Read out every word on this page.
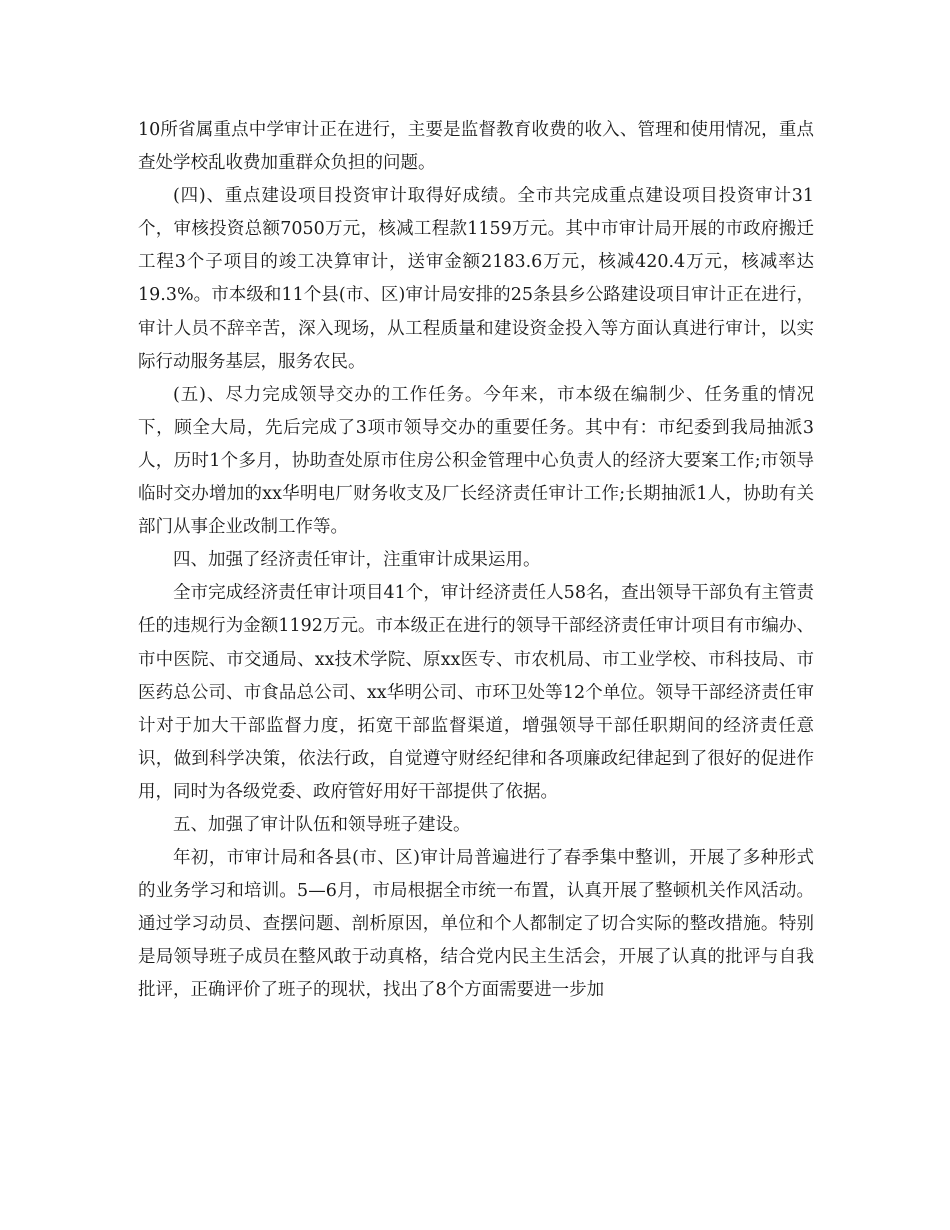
10所省属重点中学审计正在进行，主要是监督教育收费的收入、管理和使用情况，重点查处学校乱收费加重群众负担的问题。

(四)、重点建设项目投资审计取得好成绩。全市共完成重点建设项目投资审计31个，审核投资总额7050万元，核减工程款1159万元。其中市审计局开展的市政府搬迁工程3个子项目的竣工决算审计，送审金额2183.6万元，核减420.4万元，核减率达19.3%。市本级和11个县(市、区)审计局安排的25条县乡公路建设项目审计正在进行，审计人员不辞辛苦，深入现场，从工程质量和建设资金投入等方面认真进行审计，以实际行动服务基层，服务农民。

(五)、尽力完成领导交办的工作任务。今年来，市本级在编制少、任务重的情况下，顾全大局，先后完成了3项市领导交办的重要任务。其中有：市纪委到我局抽派3人，历时1个多月，协助查处原市住房公积金管理中心负责人的经济大要案工作;市领导临时交办增加的xx华明电厂财务收支及厂长经济责任审计工作;长期抽派1人，协助有关部门从事企业改制工作等。

四、加强了经济责任审计，注重审计成果运用。

全市完成经济责任审计项目41个，审计经济责任人58名，查出领导干部负有主管责任的违规行为金额1192万元。市本级正在进行的领导干部经济责任审计项目有市编办、市中医院、市交通局、xx技术学院、原xx医专、市农机局、市工业学校、市科技局、市医药总公司、市食品总公司、xx华明公司、市环卫处等12个单位。领导干部经济责任审计对于加大干部监督力度，拓宽干部监督渠道，增强领导干部任职期间的经济责任意识，做到科学决策，依法行政，自觉遵守财经纪律和各项廉政纪律起到了很好的促进作用，同时为各级党委、政府管好用好干部提供了依据。

五、加强了审计队伍和领导班子建设。

年初，市审计局和各县(市、区)审计局普遍进行了春季集中整训，开展了多种形式的业务学习和培训。5—6月，市局根据全市统一布置，认真开展了整顿机关作风活动。通过学习动员、查摆问题、剖析原因，单位和个人都制定了切合实际的整改措施。特别是局领导班子成员在整风敢于动真格，结合党内民主生活会，开展了认真的批评与自我批评，正确评价了班子的现状，找出了8个方面需要进一步加
